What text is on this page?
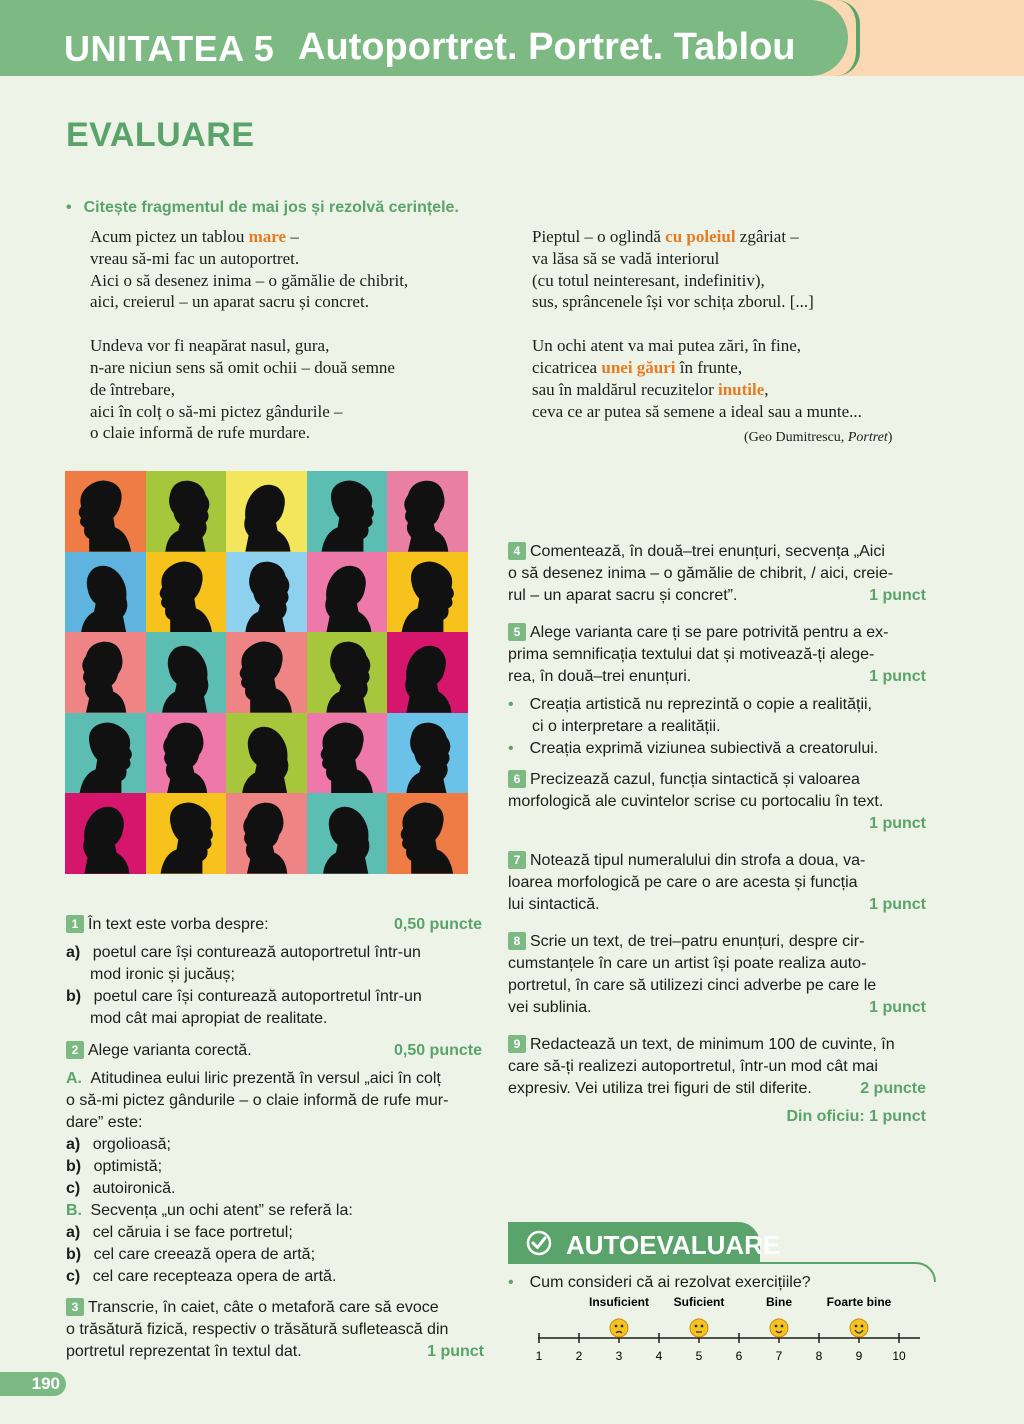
UNITATEA 5 Autoportret. Portret. Tablou
EVALUARE
• Citește fragmentul de mai jos și rezolvă cerințele.
Acum pictez un tablou mare –
vreau să-mi fac un autoportret.
Aici o să desenez inima – o gămălie de chibrit,
aici, creierul – un aparat sacru și concret.
Undeva vor fi neapărat nasul, gura,
n-are niciun sens să omit ochii – două semne
de întrebare,
aici în colț o să-mi pictez gândurile –
o claie informă de rufe murdare.
Pieptul – o oglindă cu poleiul zgâriat –
va lăsa să se vadă interiorul
(cu totul neinteresant, indefinitiv),
sus, sprâncenele își vor schița zborul. [...]
Un ochi atent va mai putea zări, în fine,
cicatricea unei găuri în frunte,
sau în maldărul recuzitelor inutile,
ceva ce ar putea să semene a ideal sau a munte...
(Geo Dumitrescu, Portret)
1 În text este vorba despre:	0,50 puncte
a) poetul care își conturează autoportretul într-un
mod ironic și jucăuș;
b) poetul care își conturează autoportretul într-un
mod cât mai apropiat de realitate.
2 Alege varianta corectă.	0,50 puncte
A. Atitudinea eului liric prezentă în versul „aici în colț
o să-mi pictez gândurile – o claie informă de rufe mur-
dare” este:
a) orgolioasă;
b) optimistă;
c) autoironică.
B. Secvența „un ochi atent” se referă la:
a) cel căruia i se face portretul;
b) cel care creează opera de artă;
c) cel care recepteaza opera de artă.
3 Transcrie, în caiet, câte o metaforă care să evoce
o trăsătură fizică, respectiv o trăsătură sufletească din
portretul reprezentat în textul dat.	1 punct
4 Comentează, în două–trei enunțuri, secvența „Aici
o să desenez inima – o gămălie de chibrit, / aici, creie-
rul – un aparat sacru și concret”.	1 punct
5 Alege varianta care ți se pare potrivită pentru a ex-
prima semnificația textului dat și motivează-ți alege-
rea, în două–trei enunțuri.	1 punct
• Creația artistică nu reprezintă o copie a realității,
ci o interpretare a realității.
• Creația exprimă viziunea subiectivă a creatorului.
6 Precizează cazul, funcția sintactică și valoarea
morfologică ale cuvintelor scrise cu portocaliu în text.

1 punct
7 Notează tipul numeralului din strofa a doua, va-
loarea morfologică pe care o are acesta și funcția
lui sintactică.	1 punct
8 Scrie un text, de trei–patru enunțuri, despre cir-
cumstanțele în care un artist își poate realiza auto-
portretul, în care să utilizezi cinci adverbe pe care le
vei sublinia.	1 punct
9 Redactează un text, de minimum 100 de cuvinte, în
care să-ți realizezi autoportretul, într-un mod cât mai
expresiv. Vei utiliza trei figuri de stil diferite.	2 puncte
Din oficiu: 1 punct
AUTOEVALUARE
• Cum consideri că ai rezolvat exercițiile?
1	2	3	4	5	6	7	8	9 10
Insuficient Suficient	Bine	Foarte bine
190
